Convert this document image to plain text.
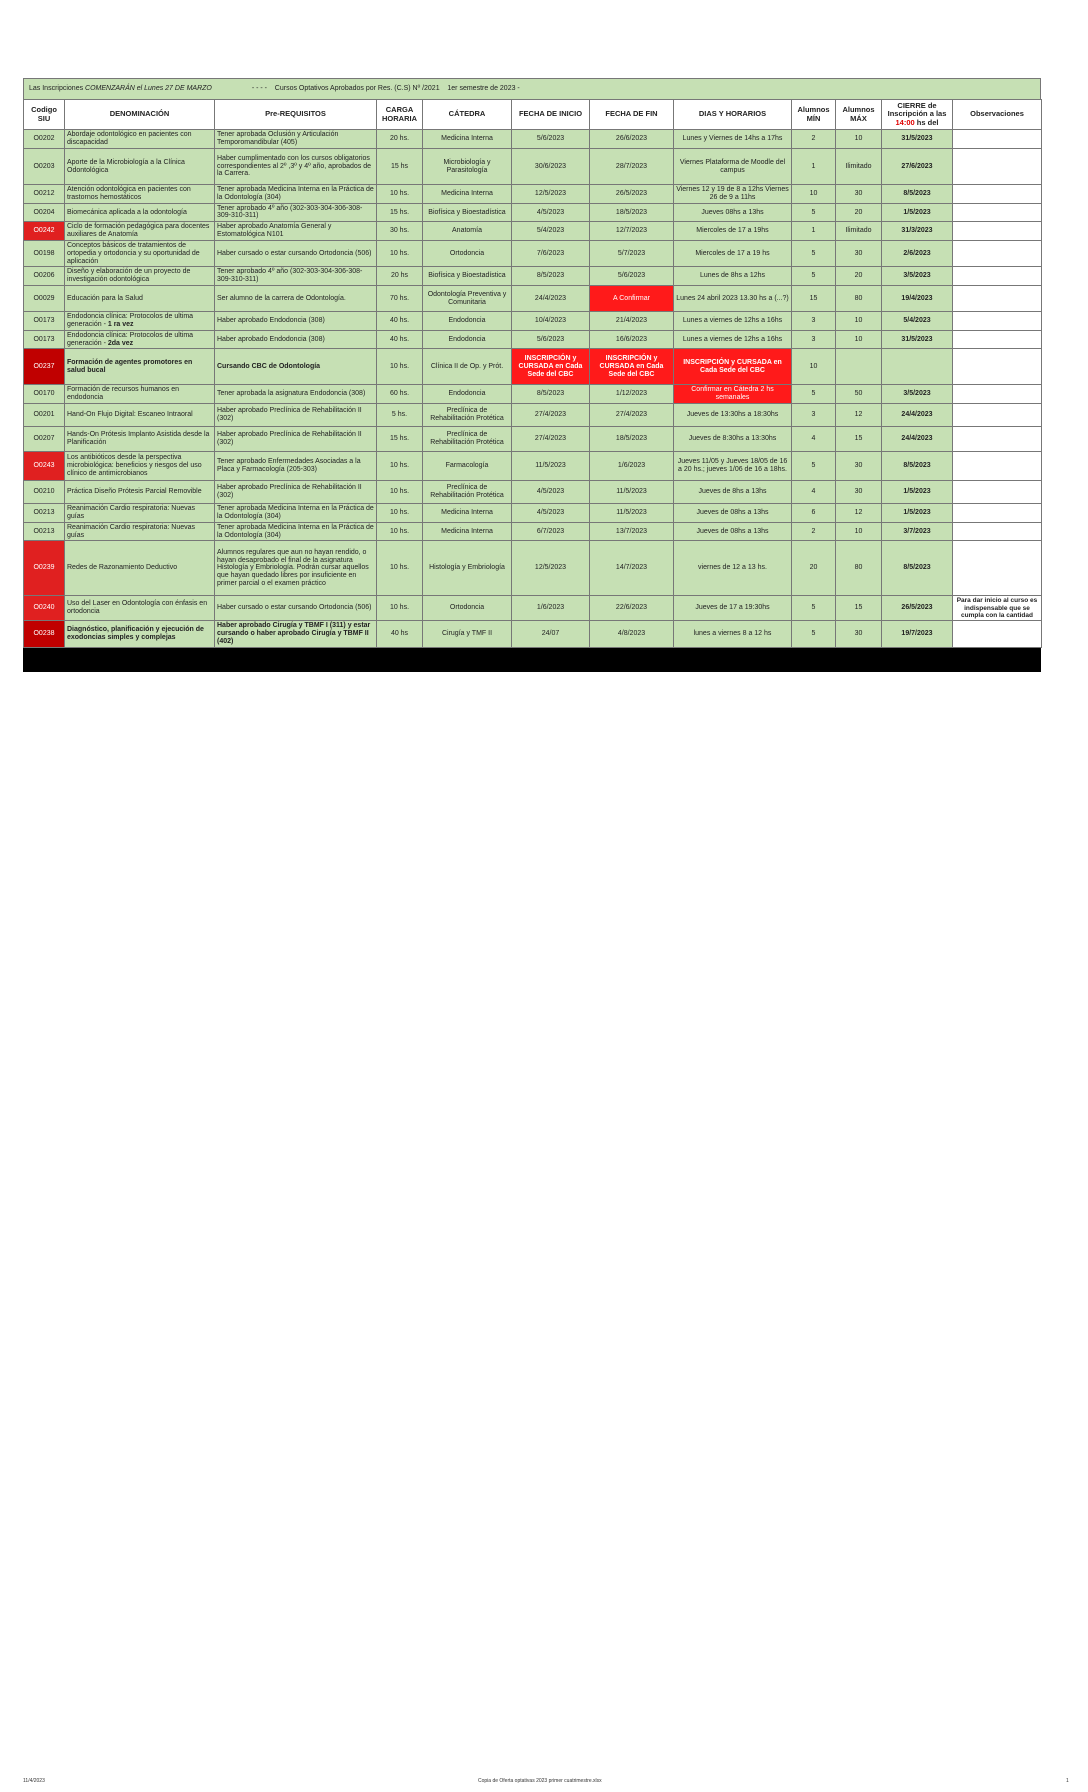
Las Inscripciones COMENZARÁN el Lunes 27 DE MARZO	- - - - Cursos Optativos Aprobados por Res. (C.S) Nº /2021 1er semestre de 2023 -
Codigo SIU	DENOMINACIÓN	Pre-REQUISITOS	CARGA HORARIA	CÁTEDRA	FECHA DE INICIO	FECHA DE FIN	DIAS Y HORARIOS	Alumnos MÍN	Alumnos MÁX	CIERRE de Inscripción a las 14:00 hs del	Observaciones
O0202	Abordaje odontológico en pacientes con discapacidad	Tener aprobada Oclusión y Articulación Temporomandibular (405)	20 hs.	Medicina Interna	5/6/2023	26/6/2023	Lunes y Viernes de 14hs a 17hs	2	10	31/5/2023	
O0203	Aporte de la Microbiología a la Clínica Odontológica	Haber cumplimentado con los cursos obligatorios correspondientes al 2º ,3º y 4º año, aprobados de la Carrera.	15 hs	Microbiología y Parasitología	30/6/2023	28/7/2023	Viernes Plataforma de Moodle del campus	1	Ilimitado	27/6/2023	
O0212	Atención odontológica en pacientes con trastornos hemostáticos	Tener aprobada Medicina Interna en la Práctica de la Odontología (304)	10 hs.	Medicina Interna	12/5/2023	26/5/2023	Viernes 12 y 19 de 8 a 12hs Viernes 26 de 9 a 11hs	10	30	8/5/2023	
O0204	Biomecánica aplicada a la odontología	Tener aprobado 4º año (302-303-304-306-308-309-310-311)	15 hs.	Biofísica y Bioestadística	4/5/2023	18/5/2023	Jueves 08hs a 13hs	5	20	1/5/2023	
O0242	Ciclo de formación pedagógica para docentes auxiliares de Anatomía	Haber aprobado Anatomía General y Estomatológica N101	30 hs.	Anatomía	5/4/2023	12/7/2023	Miercoles de 17 a 19hs	1	Ilimitado	31/3/2023	
O0198	Conceptos básicos de tratamientos de ortopedia y ortodoncia y su oportunidad de aplicación	Haber cursado o estar cursando Ortodoncia (506)	10 hs.	Ortodoncia	7/6/2023	5/7/2023	Miercoles de 17 a 19 hs	5	30	2/6/2023	
O0206	Diseño y elaboración de un proyecto de investigación odontológica	Tener aprobado 4º año (302-303-304-306-308-309-310-311)	20 hs	Biofísica y Bioestadística	8/5/2023	5/6/2023	Lunes de 8hs a 12hs	5	20	3/5/2023	
O0029	Educación para la Salud	Ser alumno de la carrera de Odontología.	70 hs.	Odontología Preventiva y Comunitaria	24/4/2023	A Confirmar	Lunes 24 abril 2023 13.30 hs a (...?)	15	80	19/4/2023	
O0173	Endodoncia clínica: Protocolos de ultima generación - 1 ra vez	Haber aprobado Endodoncia (308)	40 hs.	Endodoncia	10/4/2023	21/4/2023	Lunes a viernes de 12hs a 16hs	3	10	5/4/2023	
O0173	Endodoncia clínica: Protocolos de ultima generación - 2da vez	Haber aprobado Endodoncia (308)	40 hs.	Endodoncia	5/6/2023	16/6/2023	Lunes a viernes de 12hs a 16hs	3	10	31/5/2023	
O0237	Formación de agentes promotores en salud bucal	Cursando CBC de Odontología	10 hs.	Clínica II de Op. y Prót.	INSCRIPCIÓN y CURSADA en Cada Sede del CBC	INSCRIPCIÓN y CURSADA en Cada Sede del CBC	INSCRIPCIÓN y CURSADA en Cada Sede del CBC	10			
O0170	Formación de recursos humanos en endodoncia	Tener aprobada la asignatura Endodoncia (308)	60 hs.	Endodoncia	8/5/2023	1/12/2023	Confirmar en Cátedra 2 hs semanales	5	50	3/5/2023	
O0201	Hand-On Flujo Digital: Escaneo Intraoral	Haber aprobado Preclínica de Rehabilitación II (302)	5 hs.	Preclínica de Rehabilitación Protética	27/4/2023	27/4/2023	Jueves de 13:30hs a 18:30hs	3	12	24/4/2023	
O0207	Hands-On Prótesis Implanto Asistida desde la Planificación	Haber aprobado Preclínica de Rehabilitación II (302)	15 hs.	Preclínica de Rehabilitación Protética	27/4/2023	18/5/2023	Jueves de 8:30hs a 13:30hs	4	15	24/4/2023	
O0243	Los antibióticos desde la perspectiva microbiológica: beneficios y riesgos del uso clínico de antimicrobianos	Tener aprobado Enfermedades Asociadas a la Placa y Farmacología (205-303)	10 hs.	Farmacología	11/5/2023	1/6/2023	Jueves 11/05 y Jueves 18/05 de 16 a 20 hs.; jueves 1/06 de 16 a 18hs.	5	30	8/5/2023	
O0210	Práctica Diseño Prótesis Parcial Removible	Haber aprobado Preclínica de Rehabilitación II (302)	10 hs.	Preclínica de Rehabilitación Protética	4/5/2023	11/5/2023	Jueves de 8hs a 13hs	4	30	1/5/2023	
O0213	Reanimación Cardio respiratoria: Nuevas guías	Tener aprobada Medicina Interna en la Práctica de la Odontología (304)	10 hs.	Medicina Interna	4/5/2023	11/5/2023	Jueves de 08hs a 13hs	6	12	1/5/2023	
O0213	Reanimación Cardio respiratoria: Nuevas guías	Tener aprobada Medicina Interna en la Práctica de la Odontología (304)	10 hs.	Medicina Interna	6/7/2023	13/7/2023	Jueves de 08hs a 13hs	2	10	3/7/2023	
O0239	Redes de Razonamiento Deductivo	Alumnos regulares que aun no hayan rendido, o hayan desaprobado el final de la asignatura Histología y Embriología. Podrán cursar aquellos que hayan quedado libres por insuficiente en primer parcial o el examen práctico	10 hs.	Histología y Embriología	12/5/2023	14/7/2023	viernes de 12 a 13 hs.	20	80	8/5/2023	
O0240	Uso del Laser en Odontología con énfasis en ortodoncia	Haber cursado o estar cursando Ortodoncia (506)	10 hs.	Ortodoncia	1/6/2023	22/6/2023	Jueves de 17 a 19:30hs	5	15	26/5/2023	Para dar inicio al curso es indispensable que se cumpla con la cantidad
O0238	Diagnóstico, planificación y ejecución de exodoncias simples y complejas	Haber aprobado Cirugía y TBMF I (311) y estar cursando o haber aprobado Cirugía y TBMF II (402)	40 hs	Cirugía y TMF II	24/07	4/8/2023	lunes a viernes 8 a 12 hs	5	30	19/7/2023	
11/4/2023	Copia de Oferta optativas 2023 primer cuatrimestre.xlsx	1
